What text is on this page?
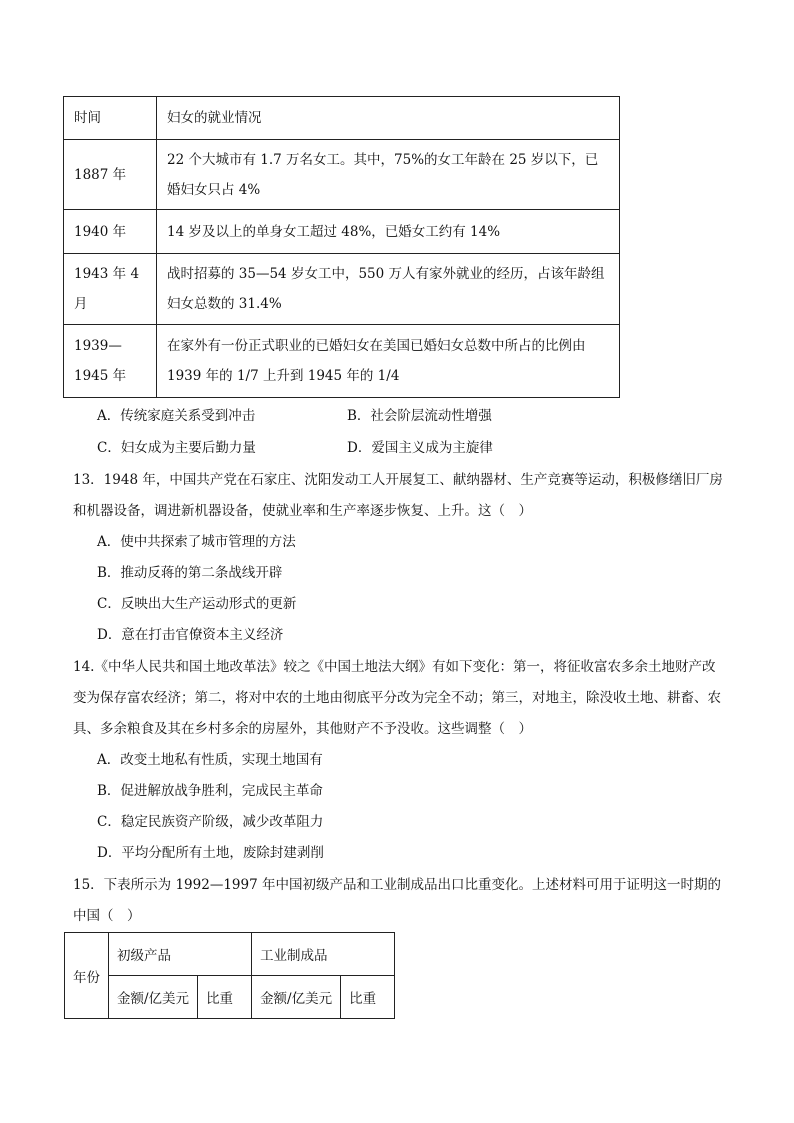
时间	妇女的就业情况
1887 年	22 个大城市有 1.7 万名女工。其中，75%的女工年龄在 25 岁以下，已婚妇女只占 4%
1940 年	14 岁及以上的单身女工超过 48%，已婚女工约有 14%
1943 年 4 月	战时招募的 35—54 岁女工中，550 万人有家外就业的经历，占该年龄组妇女总数的 31.4%
1939—1945 年	在家外有一份正式职业的已婚妇女在美国已婚妇女总数中所占的比例由 1939 年的 1/7 上升到 1945 年的 1/4
A．传统家庭关系受到冲击	B．社会阶层流动性增强
C．妇女成为主要后勤力量	D．爱国主义成为主旋律
13．1948 年，中国共产党在石家庄、沈阳发动工人开展复工、献纳器材、生产竞赛等运动，积极修缮旧厂房和机器设备，调进新机器设备，使就业率和生产率逐步恢复、上升。这（　）
A．使中共探索了城市管理的方法
B．推动反蒋的第二条战线开辟
C．反映出大生产运动形式的更新
D．意在打击官僚资本主义经济
14.《中华人民共和国土地改革法》较之《中国土地法大纲》有如下变化：第一，将征收富农多余土地财产改变为保存富农经济；第二，将对中农的土地由彻底平分改为完全不动；第三，对地主，除没收土地、耕畜、农具、多余粮食及其在乡村多余的房屋外，其他财产不予没收。这些调整（　）
A．改变土地私有性质，实现土地国有
B．促进解放战争胜利，完成民主革命
C．稳定民族资产阶级，减少改革阻力
D．平均分配所有土地，废除封建剥削
15．下表所示为 1992—1997 年中国初级产品和工业制成品出口比重变化。上述材料可用于证明这一时期的中国（　）
年份	初级产品		工业制成品	
	金额/亿美元	比重	金额/亿美元	比重
